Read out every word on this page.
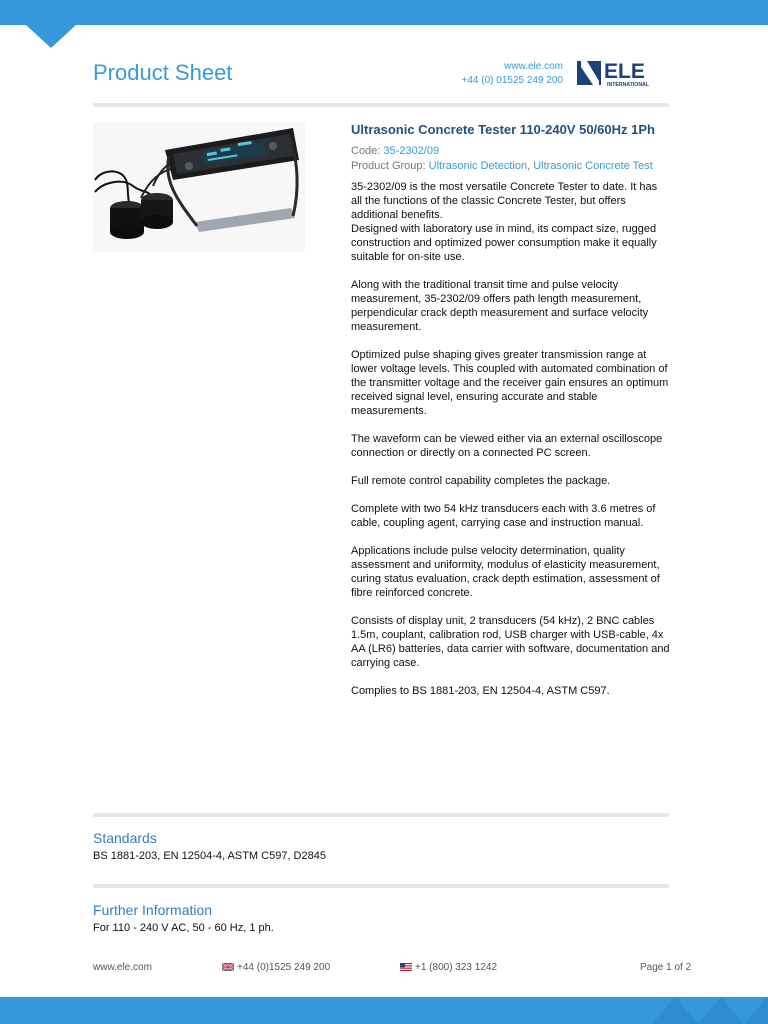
Product Sheet	www.ele.com
+44 (0) 01525 249 200 ELE
INTERNATIONAL
Ultrasonic Concrete Tester 110-240V 50/60Hz 1Ph
Code: 35-2302/09
Product Group: Ultrasonic Detection, Ultrasonic Concrete Test

35-2302/09 is the most versatile Concrete Tester to date. It has all the functions of the classic Concrete Tester, but offers additional benefits.
Designed with laboratory use in mind, its compact size, rugged construction and optimized power consumption make it equally suitable for on-site use.

Along with the traditional transit time and pulse velocity measurement, 35-2302/09 offers path length measurement, perpendicular crack depth measurement and surface velocity measurement.

Optimized pulse shaping gives greater transmission range at lower voltage levels. This coupled with automated combination of the transmitter voltage and the receiver gain ensures an optimum received signal level, ensuring accurate and stable measurements.

The waveform can be viewed either via an external oscilloscope connection or directly on a connected PC screen.

Full remote control capability completes the package.

Complete with two 54 kHz transducers each with 3.6 metres of cable, coupling agent, carrying case and instruction manual.

Applications include pulse velocity determination, quality assessment and uniformity, modulus of elasticity measurement, curing status evaluation, crack depth estimation, assessment of fibre reinforced concrete.

Consists of display unit, 2 transducers (54 kHz), 2 BNC cables 1.5m, couplant, calibration rod, USB charger with USB-cable, 4x AA (LR6) batteries, data carrier with software, documentation and carrying case.

Complies to BS 1881-203, EN 12504-4, ASTM C597.

Standards
BS 1881-203, EN 12504-4, ASTM C597, D2845
Further Information
For 110 - 240 V AC, 50 - 60 Hz, 1 ph.
www.ele.com	+44 (0)1525 249 200	+1 (800) 323 1242	Page 1 of 2
